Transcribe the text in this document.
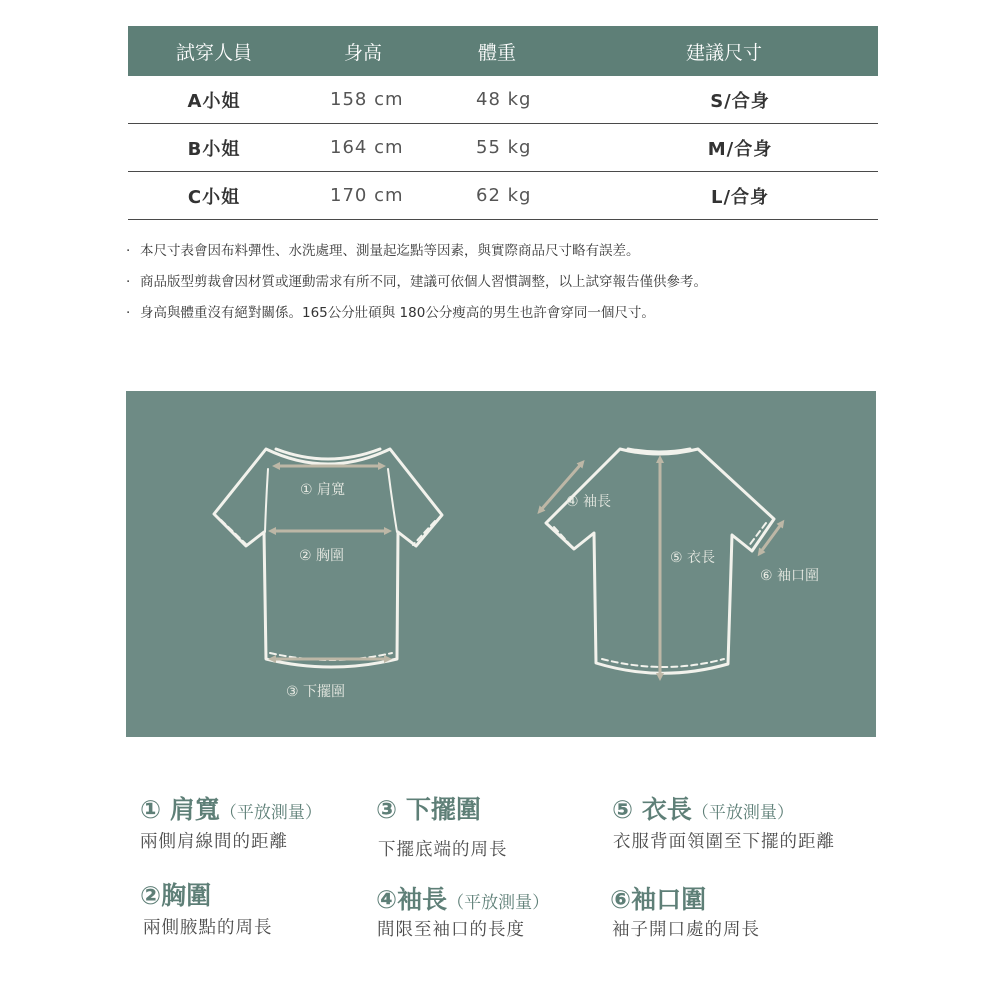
試穿人員	身高	體重	建議尺寸
A小姐	158 cm	48 kg	S/合身
B小姐	164 cm	55 kg	M/合身
C小姐	170 cm	62 kg	L/合身
· 本尺寸表會因布料彈性、水洗處理、測量起迄點等因素，與實際商品尺寸略有誤差。
· 商品版型剪裁會因材質或運動需求有所不同，建議可依個人習慣調整，以上試穿報告僅供參考。
· 身高與體重沒有絕對關係。165公分壯碩與 180公分瘦高的男生也許會穿同一個尺寸。
① 肩寬
② 胸圍
③ 下擺圍
④ 袖長
⑤ 衣長
⑥ 袖口圍
① 肩寬（平放測量）
兩側肩線間的距離
③ 下擺圍
下擺底端的周長
⑤ 衣長（平放測量）
衣服背面領圍至下擺的距離
②胸圍
兩側腋點的周長
④袖長（平放測量）
間限至袖口的長度
⑥袖口圍
袖子開口處的周長
